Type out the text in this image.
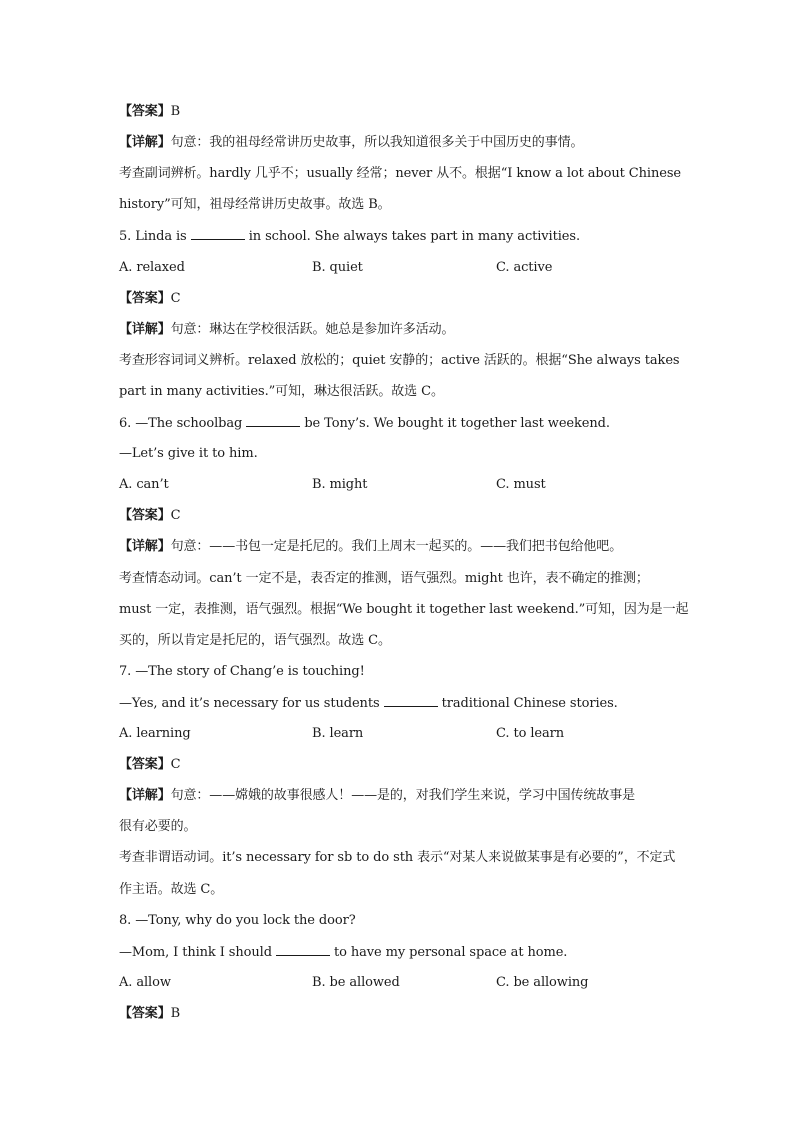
【答案】B
【详解】句意：我的祖母经常讲历史故事，所以我知道很多关于中国历史的事情。
考查副词辨析。hardly 几乎不；usually 经常；never 从不。根据“I know a lot about Chinese
history”可知，祖母经常讲历史故事。故选 B。
5. Linda is	in school. She always takes part in many activities.
A. relaxed	B. quiet	C. active
【答案】C
【详解】句意：琳达在学校很活跃。她总是参加许多活动。
考查形容词词义辨析。relaxed 放松的；quiet 安静的；active 活跃的。根据“She always takes
part in many activities.”可知，琳达很活跃。故选 C。
6. —The schoolbag	be Tony’s. We bought it together last weekend.
—Let’s give it to him.
A. can’t	B. might	C. must
【答案】C
【详解】句意：——书包一定是托尼的。我们上周末一起买的。——我们把书包给他吧。
考查情态动词。can’t 一定不是，表否定的推测，语气强烈。might 也许，表不确定的推测；
must 一定，表推测，语气强烈。根据“We bought it together last weekend.”可知，因为是一起
买的，所以肯定是托尼的，语气强烈。故选 C。
7. —The story of Chang’e is touching!
—Yes, and it’s necessary for us students	traditional Chinese stories.
A. learning	B. learn	C. to learn
【答案】C
【详解】句意：——嫦娥的故事很感人！——是的，对我们学生来说，学习中国传统故事是
很有必要的。
考查非谓语动词。it’s necessary for sb to do sth 表示“对某人来说做某事是有必要的”，不定式
作主语。故选 C。
8. —Tony, why do you lock the door?
—Mom, I think I should	to have my personal space at home.
A. allow	B. be allowed	C. be allowing
【答案】B
